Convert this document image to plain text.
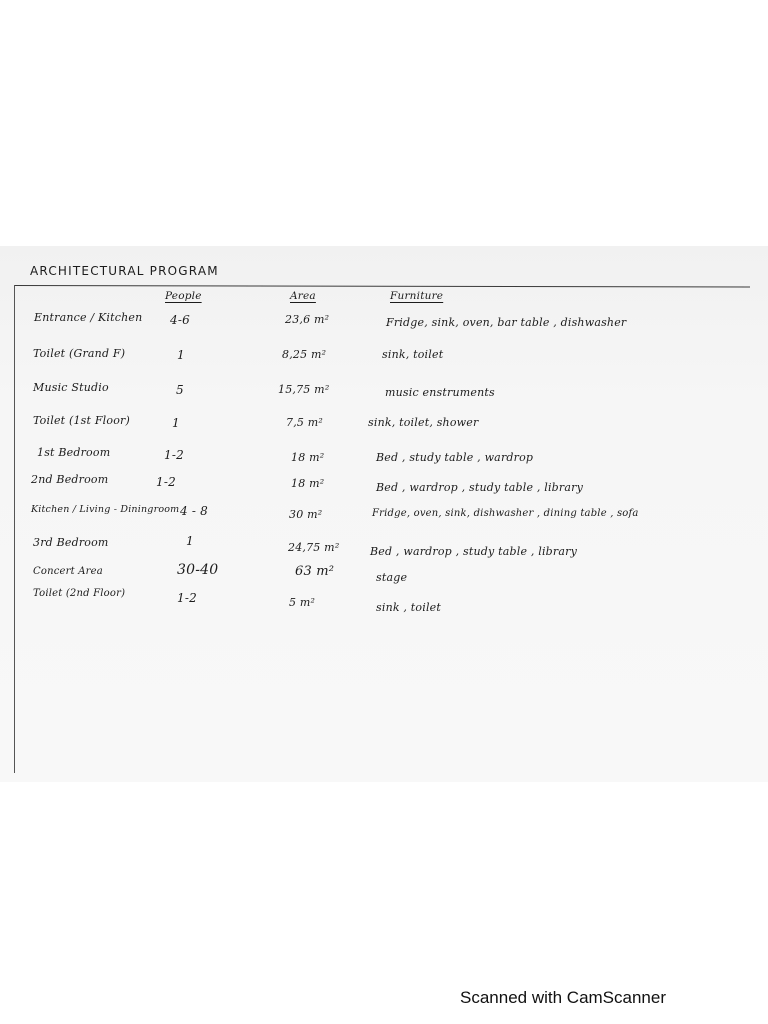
ARCHITECTURAL PROGRAM
People	Area	Furniture
Entrance / Kitchen 4-6	23,6 m²	Fridge, sink, oven, bar table , dishwasher
Toilet (Grand F)	1	8,25 m²	sink, toilet
Music Studio	5	15,75 m²	music enstruments
Toilet (1st Floor)	1	7,5 m²	sink, toilet, shower
1st Bedroom	1-2	18 m²	Bed , study table , wardrop
2nd Bedroom	1-2	18 m²	Bed , wardrop , study table , library
Kitchen / Living - Diningroom 4 - 8	30 m²	Fridge, oven, sink, dishwasher , dining table , sofa
3rd Bedroom	1	24,75 m²	Bed , wardrop , study table , library
Concert Area	30-40	63 m²	stage
Toilet (2nd Floor)	1-2	5 m²	sink , toilet
Scanned with CamScanner
